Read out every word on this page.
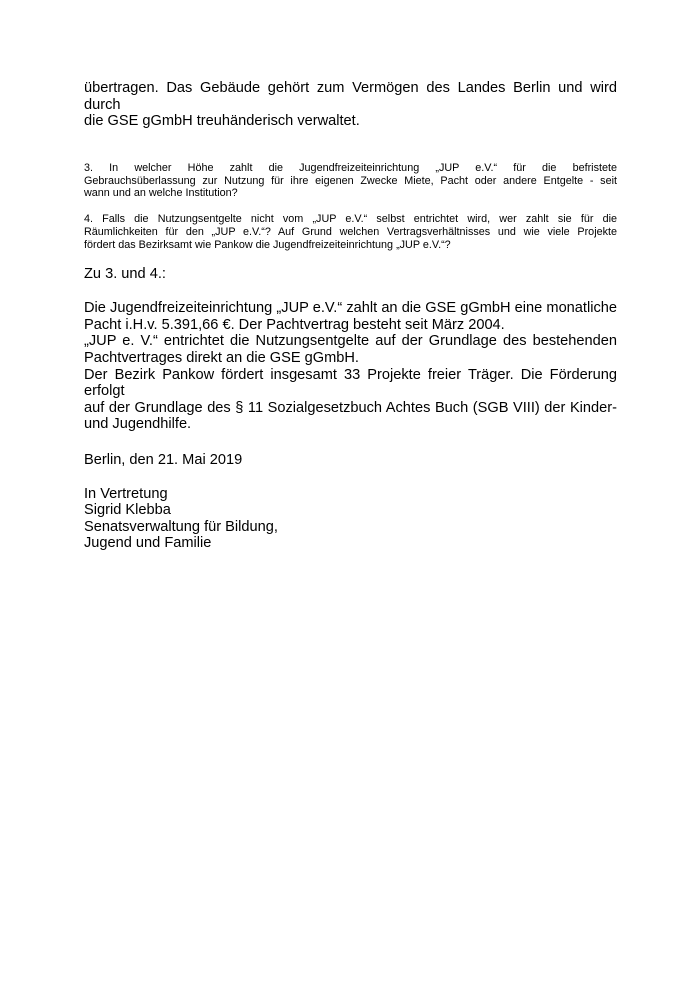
übertragen. Das Gebäude gehört zum Vermögen des Landes Berlin und wird durch
die GSE gGmbH treuhänderisch verwaltet.
3. In welcher Höhe zahlt die Jugendfreizeiteinrichtung „JUP e.V.“ für die befristete
Gebrauchsüberlassung zur Nutzung für ihre eigenen Zwecke Miete, Pacht oder andere Entgelte - seit
wann und an welche Institution?
4. Falls die Nutzungsentgelte nicht vom „JUP e.V.“ selbst entrichtet wird, wer zahlt sie für die
Räumlichkeiten für den „JUP e.V.“? Auf Grund welchen Vertragsverhältnisses und wie viele Projekte
fördert das Bezirksamt wie Pankow die Jugendfreizeiteinrichtung „JUP e.V.“?
Zu 3. und 4.:
Die Jugendfreizeiteinrichtung „JUP e.V.“ zahlt an die GSE gGmbH eine monatliche
Pacht i.H.v. 5.391,66 €. Der Pachtvertrag besteht seit März 2004.
„JUP e. V.“ entrichtet die Nutzungsentgelte auf der Grundlage des bestehenden
Pachtvertrages direkt an die GSE gGmbH.
Der Bezirk Pankow fördert insgesamt 33 Projekte freier Träger. Die Förderung erfolgt
auf der Grundlage des § 11 Sozialgesetzbuch Achtes Buch (SGB VIII) der Kinder-
und Jugendhilfe.
Berlin, den 21. Mai 2019
In Vertretung
Sigrid Klebba
Senatsverwaltung für Bildung,
Jugend und Familie
